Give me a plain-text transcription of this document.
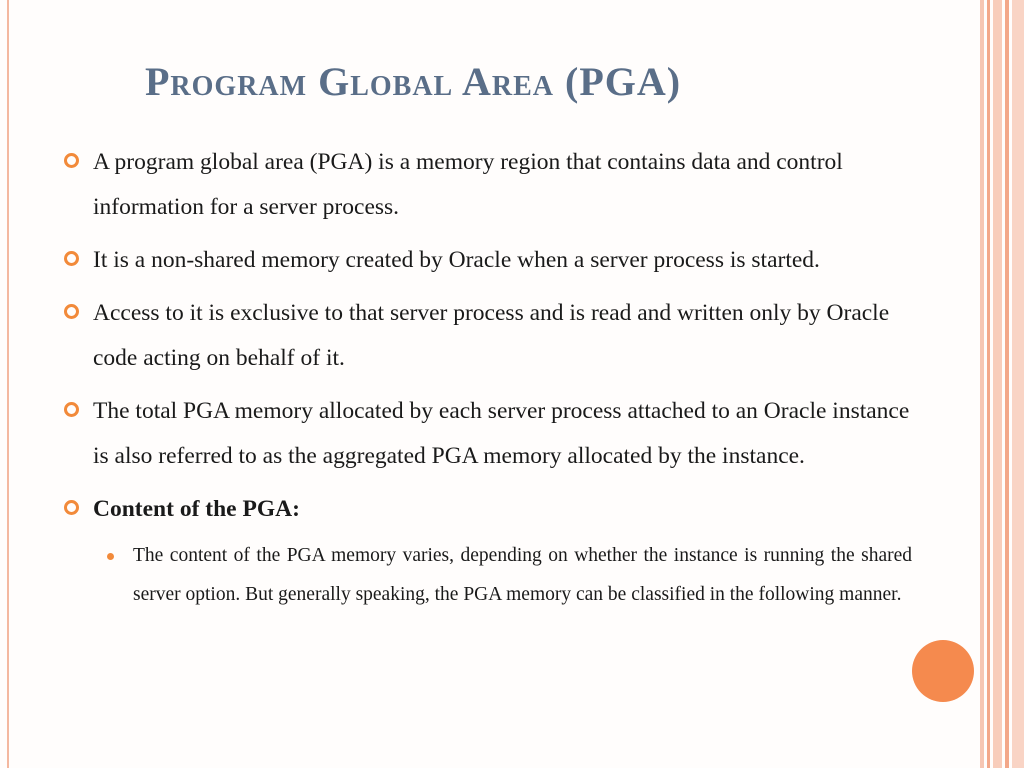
Program Global Area (PGA)
A program global area (PGA) is a memory region that contains data and control information for a server process.
It is a non-shared memory created by Oracle when a server process is started.
Access to it is exclusive to that server process and is read and written only by Oracle code acting on behalf of it.
The total PGA memory allocated by each server process attached to an Oracle instance is also referred to as the aggregated PGA memory allocated by the instance.
Content of the PGA:
The content of the PGA memory varies, depending on whether the instance is running the shared server option. But generally speaking, the PGA memory can be classified in the following manner.
